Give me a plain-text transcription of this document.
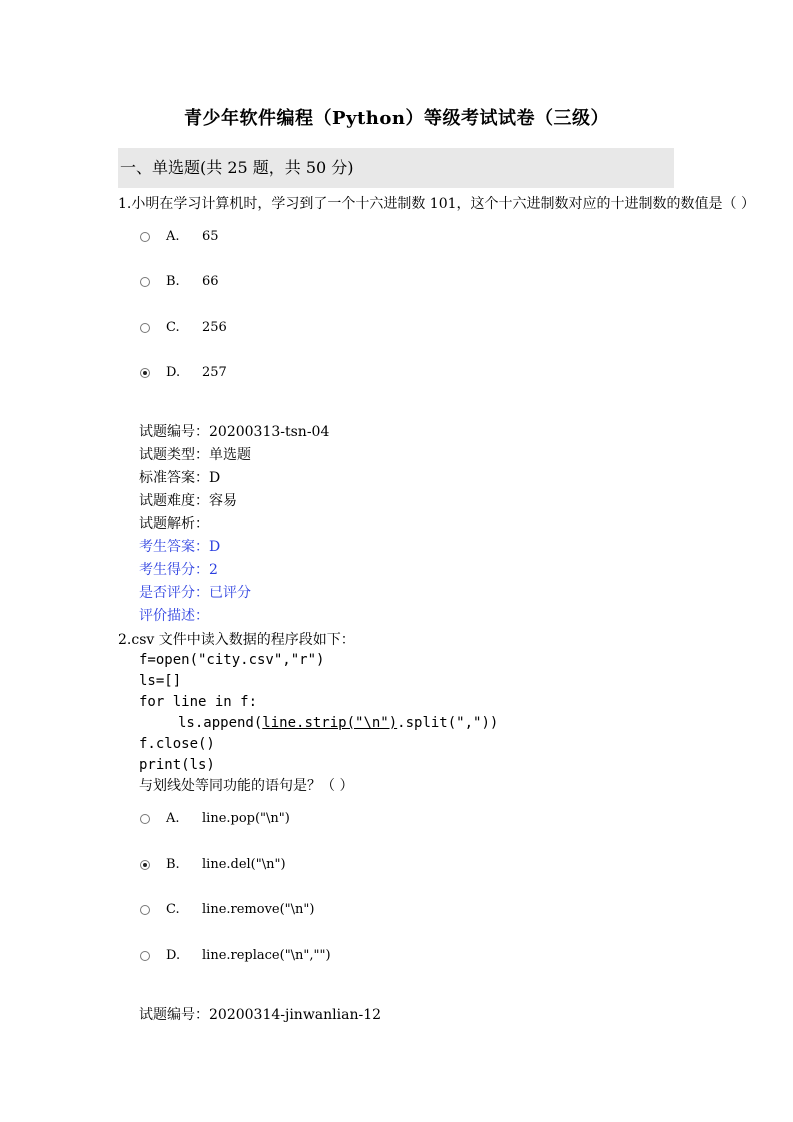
青少年软件编程（Python）等级考试试卷（三级）
一、单选题(共 25 题，共 50 分)
1.小明在学习计算机时，学习到了一个十六进制数 101，这个十六进制数对应的十进制数的数值是（ ）
A. 65
B. 66
C. 256
D. 257
试题编号：20200313-tsn-04
试题类型：单选题
标准答案：D
试题难度：容易
试题解析：
考生答案：D
考生得分：2
是否评分：已评分
评价描述：
2.csv 文件中读入数据的程序段如下：
f=open("city.csv","r")
ls=[]
for line in f:
ls.append(line.strip("\n").split(","))
f.close()
print(ls)
与划线处等同功能的语句是？（ ）
A. line.pop("\n")
B. line.del("\n")
C. line.remove("\n")
D. line.replace("\n","")
试题编号：20200314-jinwanlian-12
